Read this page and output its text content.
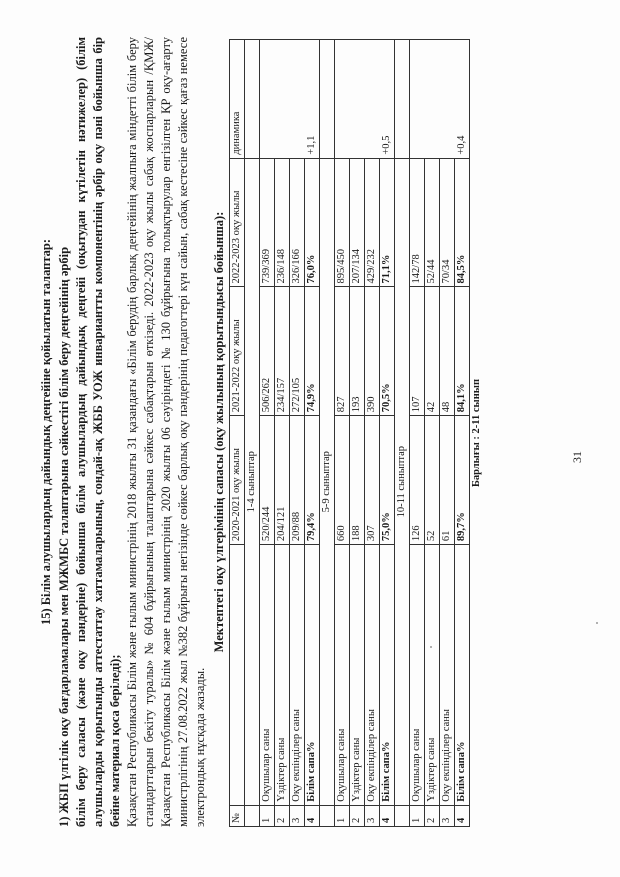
15) Білім алушылардың дайындық деңгейіне қойылатын талаптар: 1) ЖБП үлгілік оқу бағдарламалары мен МЖМБС талаптарына сәйкестігі білім беру деңгейінің әрбір білім беру саласы (және оқу пәндеріне) бойынша білім алушылардың дайындық деңгейі (оқытудан күтілетін нәтижелер) (білім алушыларды қорытынды аттестаттау хаттамаларының, сондай-ақ ЖББ УОЖ инвариантты компонентінің әрбір оқу пәні бойынша бір бейне материал қоса беріледі); Қазақстан Республикасы Білім және ғылым министрінің 2018 жылғы 31 қазандағы «Білім берудің барлық деңгейінің жалпыға міндетті білім беру стандарттарын бекіту туралы» № 604 бұйрығының талаптарына сәйкес сабақтарын өткізеді. 2022-2023 оқу жылы сабақ жоспарларын /ҚМЖ/ Қазақстан Республикасы Білім және ғылым министрінің 2020 жылғы 06 сәуіріндегі № 130 бұйрығына толықтырулар енгізілген ҚР оқу-ағарту министрлігінің 27.08.2022 жыл №382 бұйрығы негізінде сөйкес барлық оқу пәндерінің педагогтері күн сайын, сабақ кестесіне сәйкес қағаз немесе электрондық нұсқада жазады.

Мектептегі оқу үлгерімінің сапасы (оқу жылының қорытындысы бойынша):

№		2020-2021 оқу жылы	2021-2022 оқу жылы	2022-2023 оқу жылы	динамика
	1-4 сыныптар				
1	Оқушылар саны	520/244	506/262	739/369	+1,1
2	Үздіктер саны	204/121	234/157	236/148	
3	Оқу екпінділер саны	209/88	272/105	326/166	
4	Білім сапа%	79,4%	74,9%	76,0%	
	5-9 сыныптар				
1	Оқушылар саны	660	827	895/450	+0,5
2	Үздіктер саны	188	193	207/134	
3	Оқу екпінділер саны	307	390	429/232	
4	Білім сапа%	75,0%	70,5%	71,1%	
	10-11 сыныптар				
1	Оқушылар саны	126	107	142/78	+0,4
2	Үздіктер саны	52	42	52/44	
3	Оқу екпінділер саны	61	48	70/34	
4	Білім сапа%	89,7%	84,1%	84,5%	
Барлығы : 2-11 сынып						31
